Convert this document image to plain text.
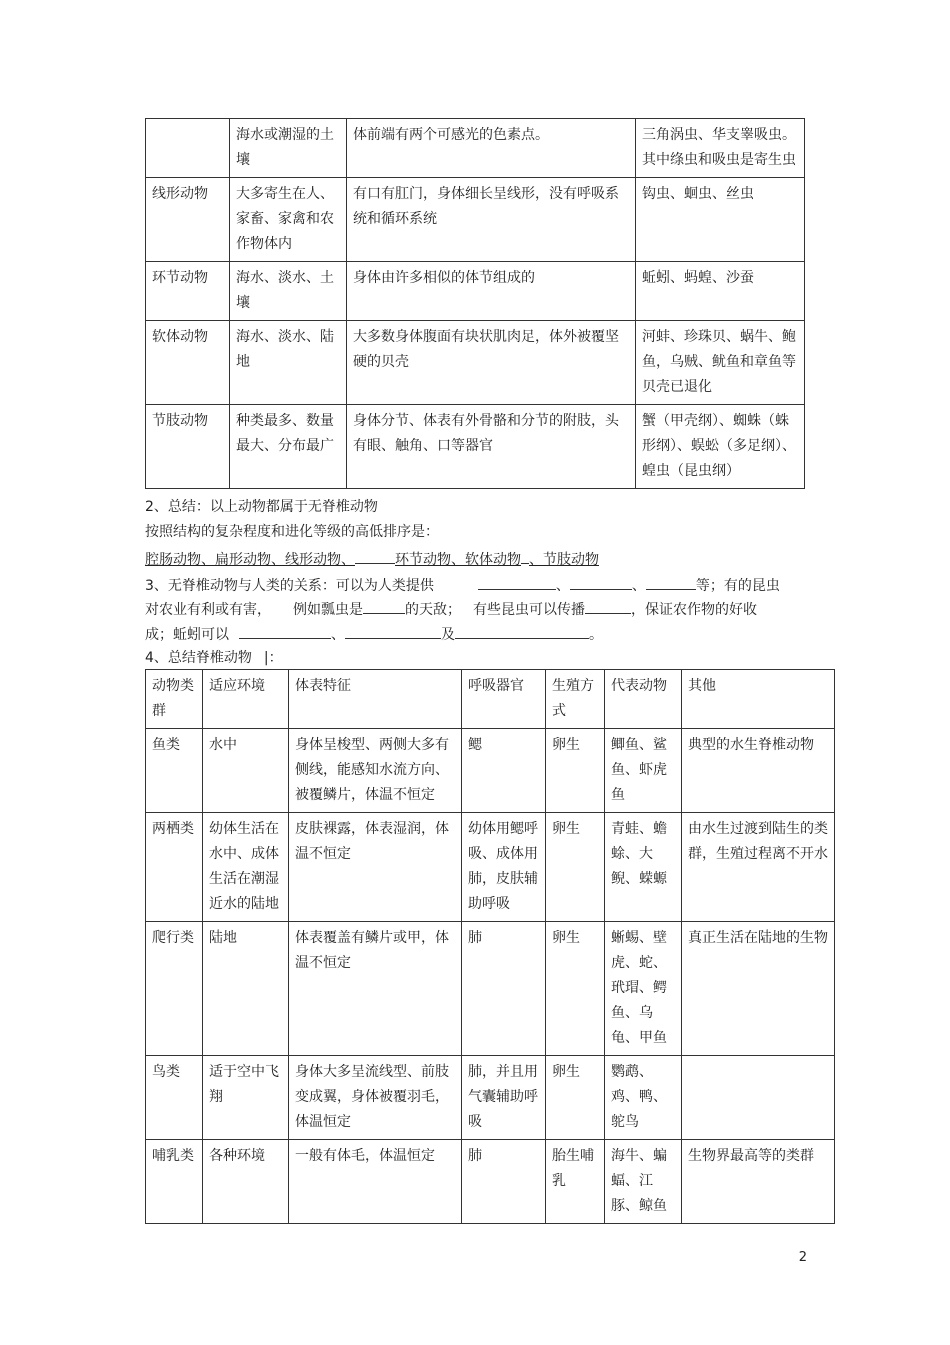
	海水或潮湿的土壤	体前端有两个可感光的色素点。	三角涡虫、华支睾吸虫。其中绦虫和吸虫是寄生虫
线形动物	大多寄生在人、家畜、家禽和农作物体内	有口有肛门，身体细长呈线形，没有呼吸系统和循环系统	钩虫、蛔虫、丝虫
环节动物	海水、淡水、土壤	身体由许多相似的体节组成的	蚯蚓、蚂蝗、沙蚕
软体动物	海水、淡水、陆地	大多数身体腹面有块状肌肉足，体外被覆坚硬的贝壳	河蚌、珍珠贝、蜗牛、鲍鱼，乌贼、鱿鱼和章鱼等贝壳已退化
节肢动物	种类最多、数量最大、分布最广	身体分节、体表有外骨骼和分节的附肢，头有眼、触角、口等器官	蟹（甲壳纲）、蜘蛛（蛛形纲）、蜈蚣（多足纲）、蝗虫（昆虫纲）
2、总结：以上动物都属于无脊椎动物
按照结构的复杂程度和进化等级的高低排序是：
腔肠动物、扁形动物、线形动物、	环节动物、软体动物 、节肢动物
3、无脊椎动物与人类的关系：可以为人类提供	、	、	等；有的昆虫
对农业有利或有害， 例如瓢虫是	的天敌； 有些昆虫可以传播	，保证农作物的好收
成；蚯蚓可以	、	及	。
4、总结脊椎动物 |：
动物类群	适应环境	体表特征	呼吸器官	生殖方式	代表动物	其他
鱼类	水中	身体呈梭型、两侧大多有侧线，能感知水流方向、被覆鳞片，体温不恒定	鳃	卵生	鲫鱼、鲨鱼、虾虎鱼	典型的水生脊椎动物
两栖类	幼体生活在水中、成体生活在潮湿近水的陆地	皮肤裸露，体表湿润，体温不恒定	幼体用鳃呼吸、成体用肺，皮肤辅助呼吸	卵生	青蛙、蟾蜍、大鲵、蝾螈	由水生过渡到陆生的类群，生殖过程离不开水
爬行类	陆地	体表覆盖有鳞片或甲，体温不恒定	肺	卵生	蜥蜴、壁虎、蛇、玳瑁、鳄鱼、乌龟、甲鱼	真正生活在陆地的生物
鸟类	适于空中飞翔	身体大多呈流线型、前肢变成翼，身体被覆羽毛，体温恒定	肺，并且用气囊辅助呼吸	卵生	鹦鹉、鸡、鸭、鸵鸟	
哺乳类	各种环境	一般有体毛，体温恒定	肺	胎生哺乳	海牛、蝙蝠、江豚、鲸鱼	生物界最高等的类群
2
